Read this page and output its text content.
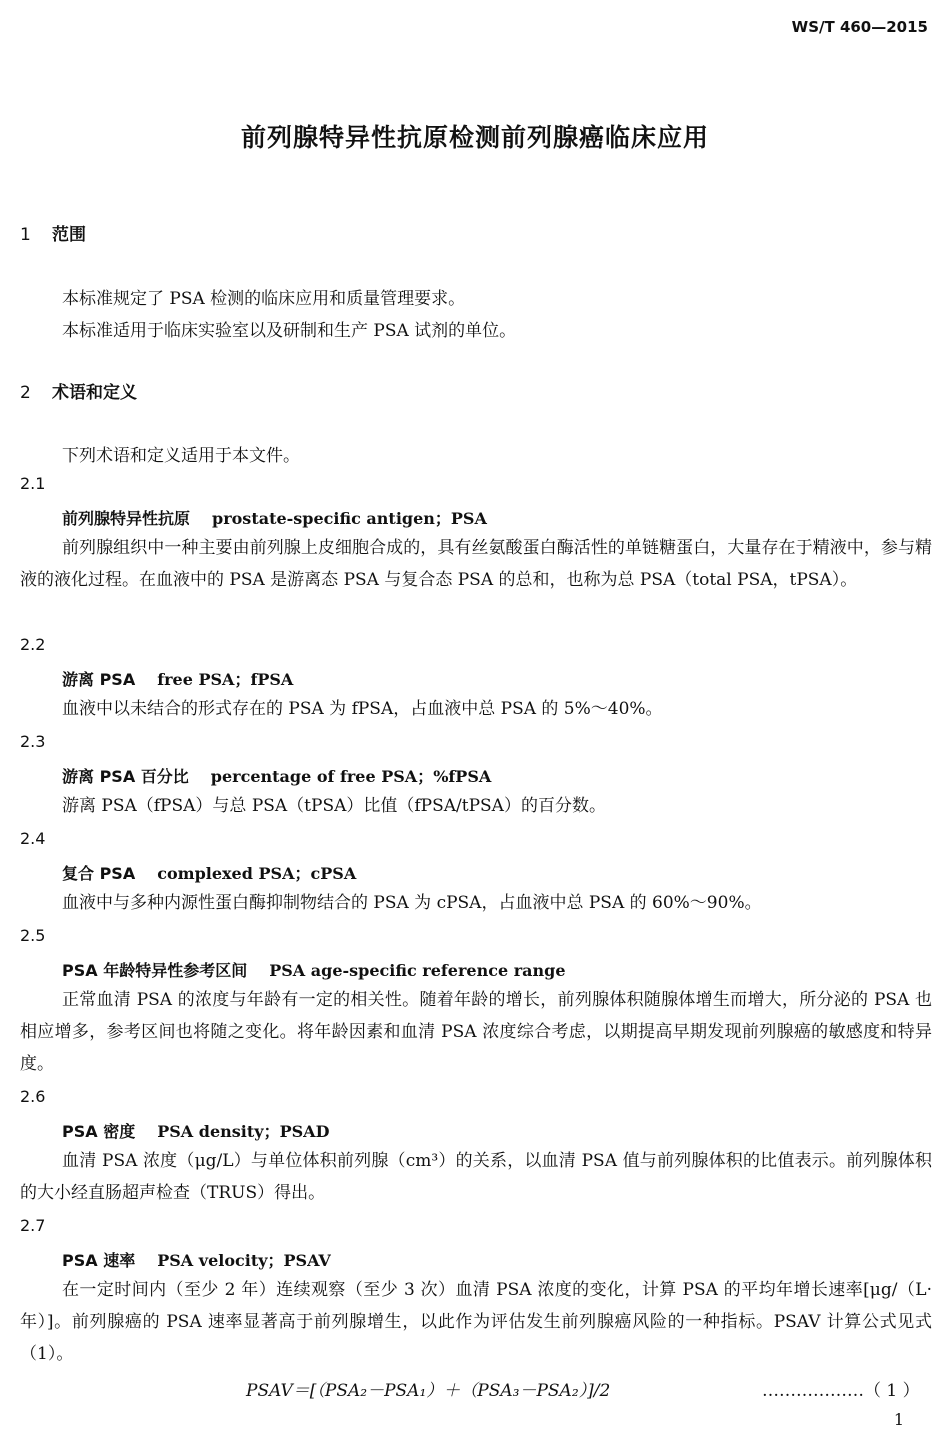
WS/T 460—2015
前列腺特异性抗原检测前列腺癌临床应用
1 范围
本标准规定了 PSA 检测的临床应用和质量管理要求。
本标准适用于临床实验室以及研制和生产 PSA 试剂的单位。
2 术语和定义
下列术语和定义适用于本文件。
2.1
前列腺特异性抗原 prostate-specific antigen；PSA
前列腺组织中一种主要由前列腺上皮细胞合成的，具有丝氨酸蛋白酶活性的单链糖蛋白，大量存在于精液中，参与精液的液化过程。在血液中的 PSA 是游离态 PSA 与复合态 PSA 的总和，也称为总 PSA（total PSA，tPSA）。
2.2
游离 PSA free PSA；fPSA
血液中以未结合的形式存在的 PSA 为 fPSA，占血液中总 PSA 的 5%～40%。
2.3
游离 PSA 百分比 percentage of free PSA；%fPSA
游离 PSA（fPSA）与总 PSA（tPSA）比值（fPSA/tPSA）的百分数。
2.4
复合 PSA complexed PSA；cPSA
血液中与多种内源性蛋白酶抑制物结合的 PSA 为 cPSA，占血液中总 PSA 的 60%～90%。
2.5
PSA 年龄特异性参考区间 PSA age-specific reference range
正常血清 PSA 的浓度与年龄有一定的相关性。随着年龄的增长，前列腺体积随腺体增生而增大，所分泌的 PSA 也相应增多，参考区间也将随之变化。将年龄因素和血清 PSA 浓度综合考虑，以期提高早期发现前列腺癌的敏感度和特异度。
2.6
PSA 密度 PSA density；PSAD
血清 PSA 浓度（μg/L）与单位体积前列腺（cm³）的关系，以血清 PSA 值与前列腺体积的比值表示。前列腺体积的大小经直肠超声检查（TRUS）得出。
2.7
PSA 速率 PSA velocity；PSAV
在一定时间内（至少 2 年）连续观察（至少 3 次）血清 PSA 浓度的变化，计算 PSA 的平均年增长速率[μg/（L·年）]。前列腺癌的 PSA 速率显著高于前列腺增生，以此作为评估发生前列腺癌风险的一种指标。PSAV 计算公式见式（1）。
PSAV＝[（PSA₂－PSA₁）＋（PSA₃－PSA₂）]/2	………………（ 1 ）
1
